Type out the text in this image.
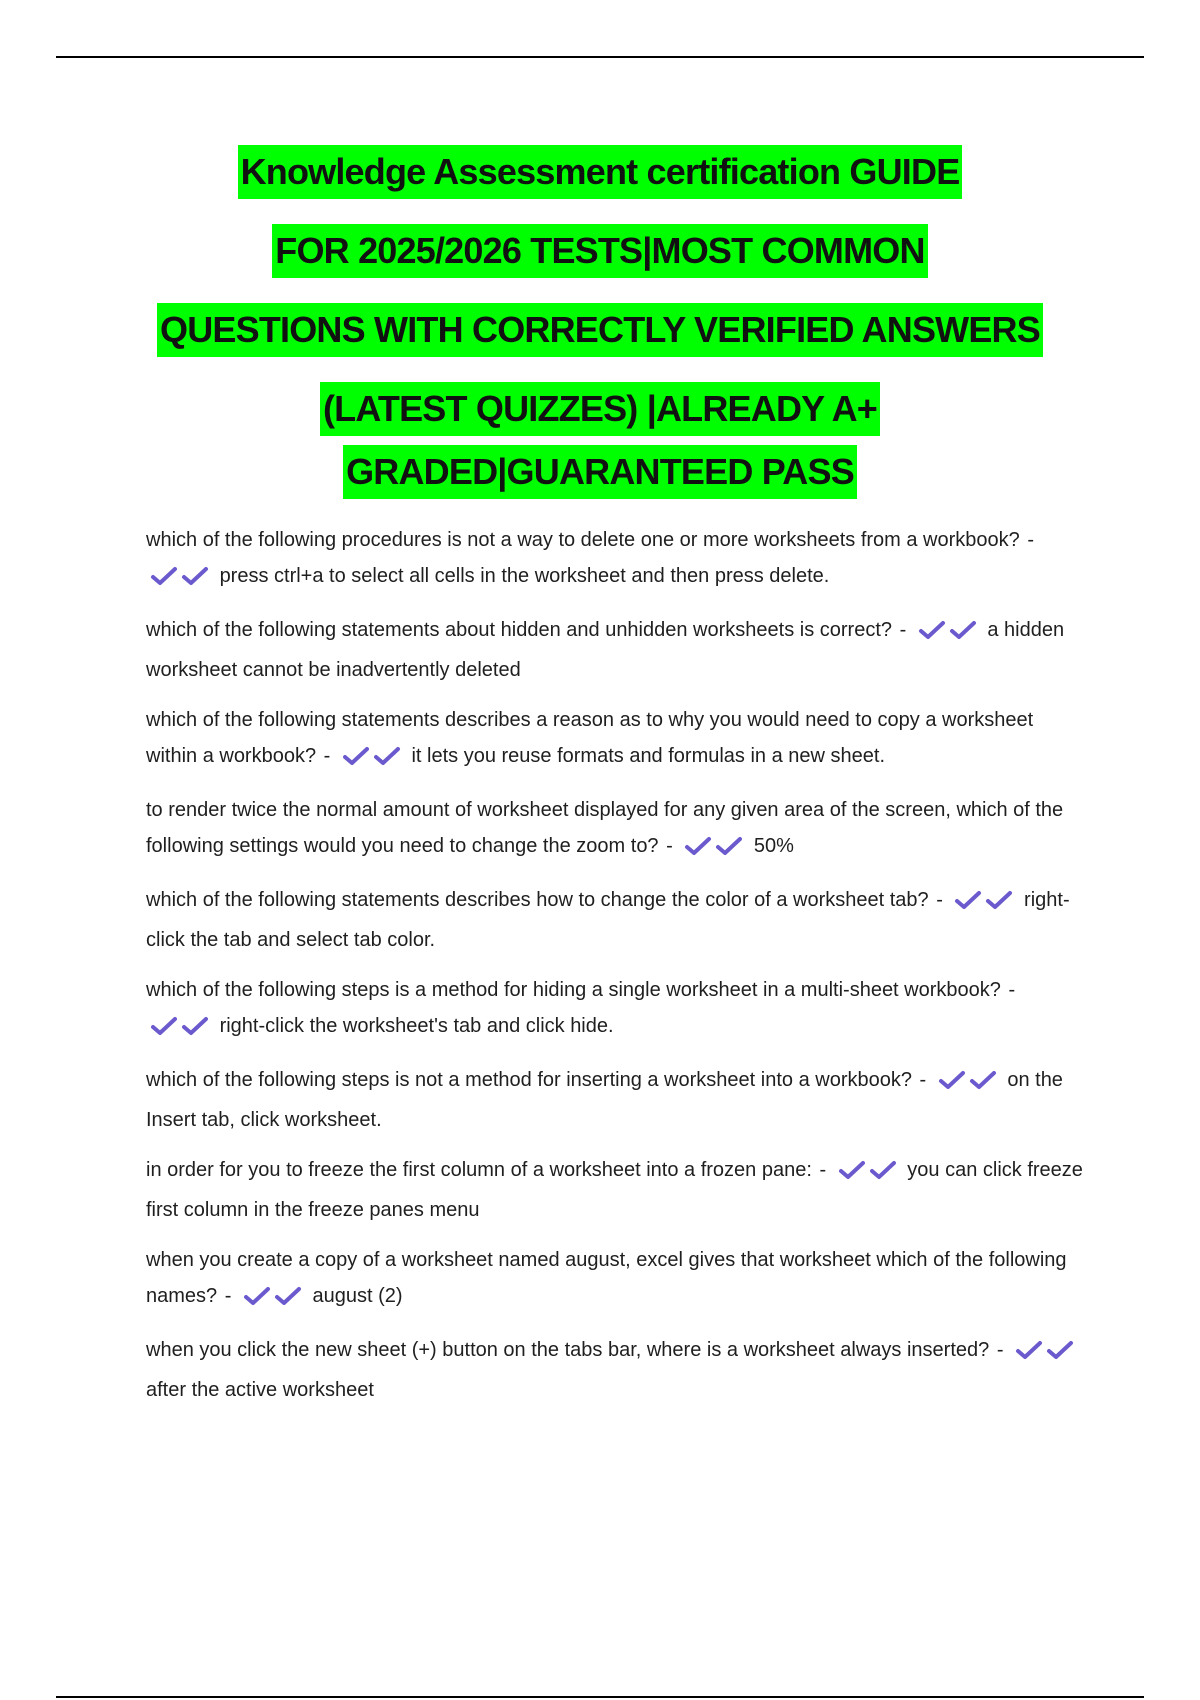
Knowledge Assessment certification GUIDE
FOR 2025/2026 TESTS|MOST COMMON
QUESTIONS WITH CORRECTLY VERIFIED ANSWERS
(LATEST QUIZZES) |ALREADY A+
GRADED|GUARANTEED PASS
which of the following procedures is not a way to delete one or more worksheets from a workbook? -  press ctrl+a to select all cells in the worksheet and then press delete.
which of the following statements about hidden and unhidden worksheets is correct? -	a hidden worksheet cannot be inadvertently deleted
which of the following statements describes a reason as to why you would need to copy a worksheet within a workbook? -	it lets you reuse formats and formulas in a new sheet.
to render twice the normal amount of worksheet displayed for any given area of the screen, which of the following settings would you need to change the zoom to? -	50%
which of the following statements describes how to change the color of a worksheet tab? -	right-click the tab and select tab color.
which of the following steps is a method for hiding a single worksheet in a multi-sheet workbook? -  right-click the worksheet's tab and click hide.
which of the following steps is not a method for inserting a worksheet into a workbook? -	on the Insert tab, click worksheet.
in order for you to freeze the first column of a worksheet into a frozen pane: -	you can click freeze first column in the freeze panes menu
when you create a copy of a worksheet named august, excel gives that worksheet which of the following names? -	august (2)
when you click the new sheet (+) button on the tabs bar, where is a worksheet always inserted? -  after the active worksheet
